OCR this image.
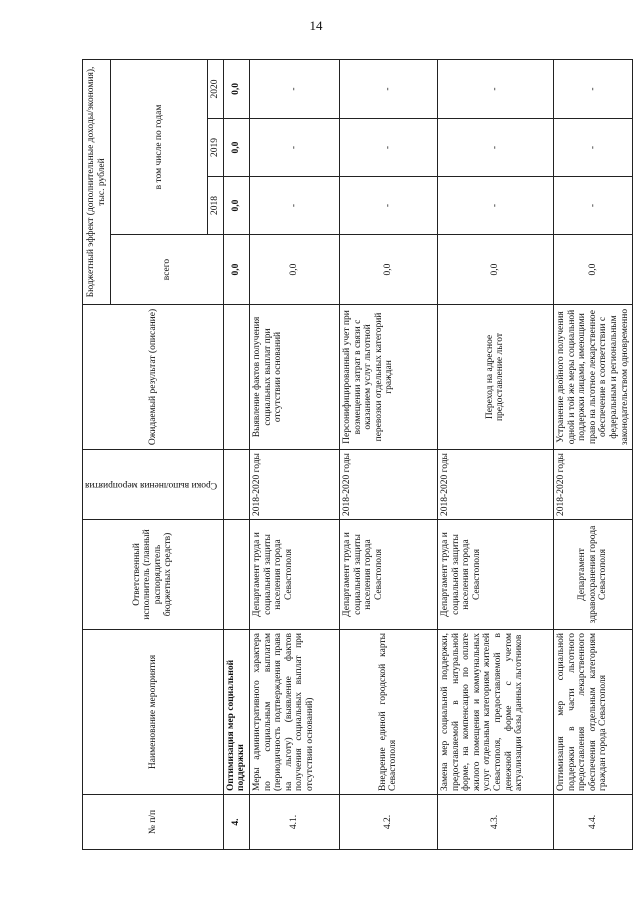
14
№ п/п	Наименование мероприятия	Ответственный исполнитель (главный распорядитель бюджетных средств)	Сроки выполнения мероприятия	Ожидаемый результат (описание)	Бюджетный эффект (дополнительные доходы/экономия), тыс. рублей			
					всего	в том числе по годам		
						2018	2019	2020
4.	Оптимизация мер социальной поддержки				0,0	0,0	0,0	0,0
4.1.	Меры административного характера по социальным выплатам (периодичность подтверждения права на льготу) (выявление фактов получения социальных выплат при отсутствии оснований)	Департамент труда и социальной защиты населения города Севастополя	2018-2020 годы	Выявление фактов получения социальных выплат при отсутствии оснований	0,0	-	-	-
4.2.	Внедрение единой городской карты Севастополя	Департамент труда и социальной защиты населения города Севастополя	2018-2020 годы	Персонифицированный учет при возмещении затрат в связи с оказанием услуг льготной перевозки отдельных категорий граждан	0,0	-	-	-
4.3.	Замена мер социальной поддержки, предоставляемой в натуральной форме, на компенсацию по оплате жилого помещения и коммунальных услуг отдельным категориям жителей Севастополя, предоставляемой в денежной форме с учетом актуализации базы данных льготников	Департамент труда и социальной защиты населения города Севастополя	2018-2020 годы	Переход на адресное предоставление льгот	0,0	-	-	-
4.4.	Оптимизация мер социальной поддержки в части льготного предоставления лекарственного обеспечения отдельным категориям граждан города Севастополя	Департамент здравоохранения города Севастополя	2018-2020 годы	Устранение двойного получения одной и той же меры социальной поддержки лицами, имеющими право на льготное лекарственное обеспечение в соответствии с федеральным и региональным законодательством одновременно	0,0	-	-	-
